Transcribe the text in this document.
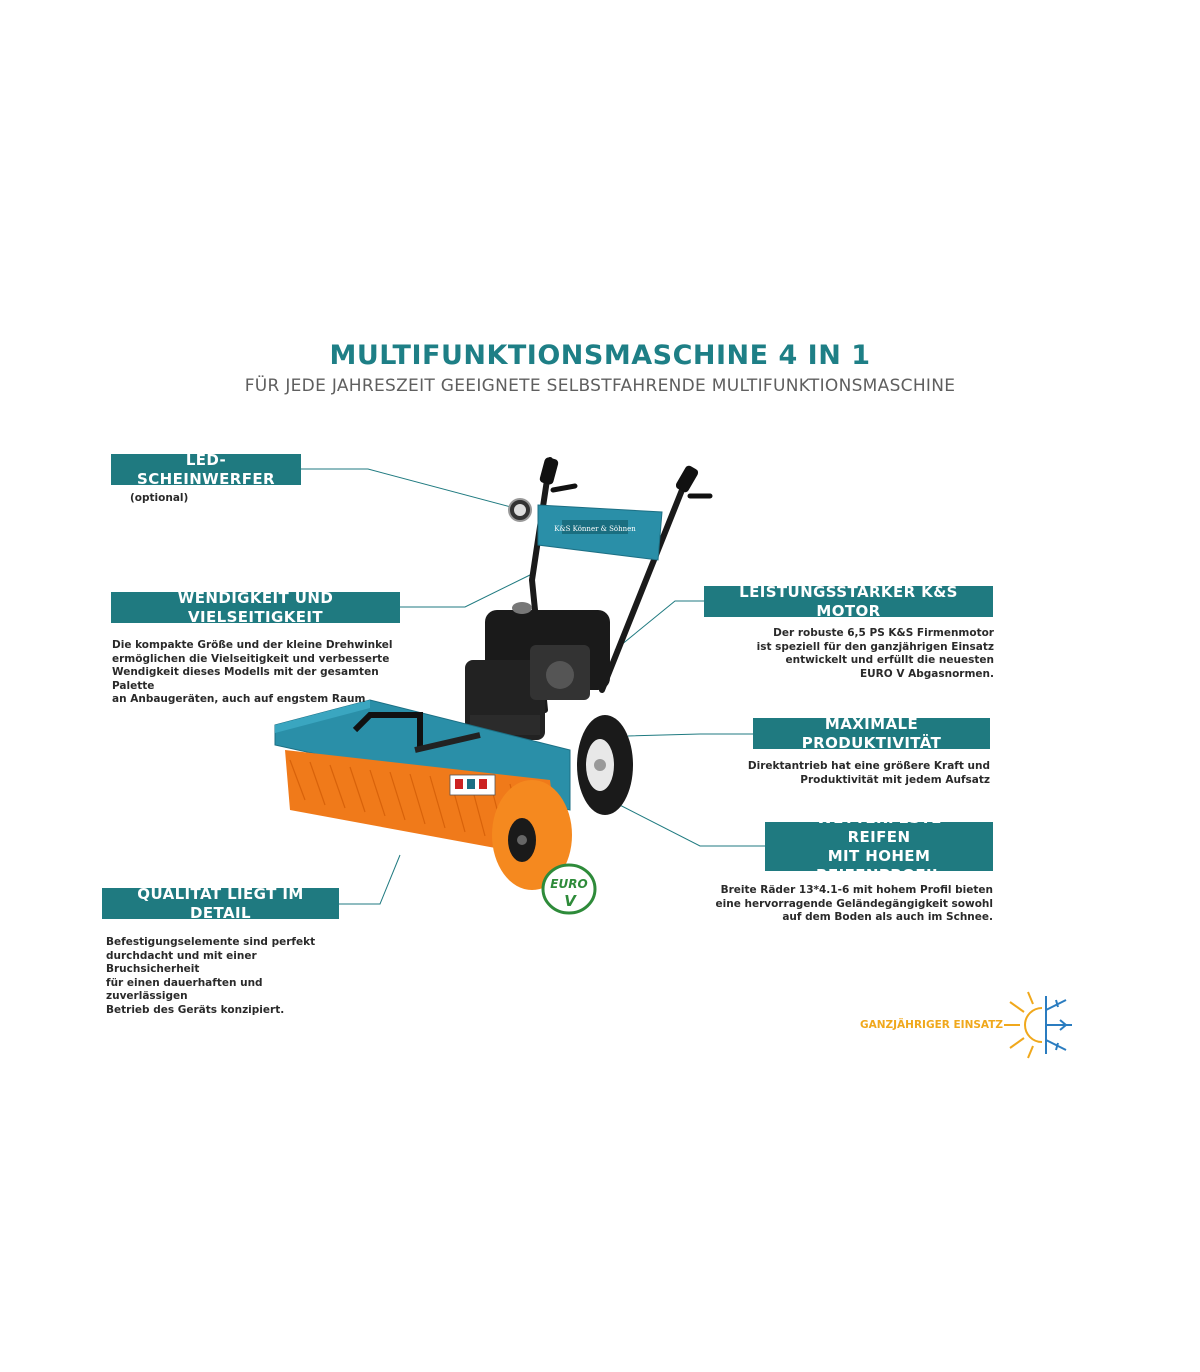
MULTIFUNKTIONSMASCHINE 4 IN 1
FÜR JEDE JAHRESZEIT GEEIGNETE SELBSTFAHRENDE MULTIFUNKTIONSMASCHINE
K&S Könner & Söhnen
EURO
V
LED-SCHEINWERFER
(optional)
WENDIGKEIT UND VIELSEITIGKEIT
Die kompakte Größe und der kleine Drehwinkel
ermöglichen die Vielseitigkeit und verbesserte
Wendigkeit dieses Modells mit der gesamten Palette
an Anbaugeräten, auch auf engstem Raum
QUALITÄT LIEGT IM DETAIL
Befestigungselemente sind perfekt
durchdacht und mit einer Bruchsicherheit
für einen dauerhaften und zuverlässigen
Betrieb des Geräts konzipiert.
LEISTUNGSSTARKER K&S MOTOR
Der robuste 6,5 PS K&S Firmenmotor
ist speziell für den ganzjährigen Einsatz
entwickelt und erfüllt die neuesten
EURO V Abgasnormen.
MAXIMALE PRODUKTIVITÄT
Direktantrieb hat eine größere Kraft und
Produktivität mit jedem Aufsatz
WETTERFESTE REIFEN
MIT HOHEM REIFENPROFIL
Breite Räder 13*4.1-6 mit hohem Profil bieten
eine hervorragende Geländegängigkeit sowohl
auf dem Boden als auch im Schnee.
GANZJÄHRIGER EINSATZ
